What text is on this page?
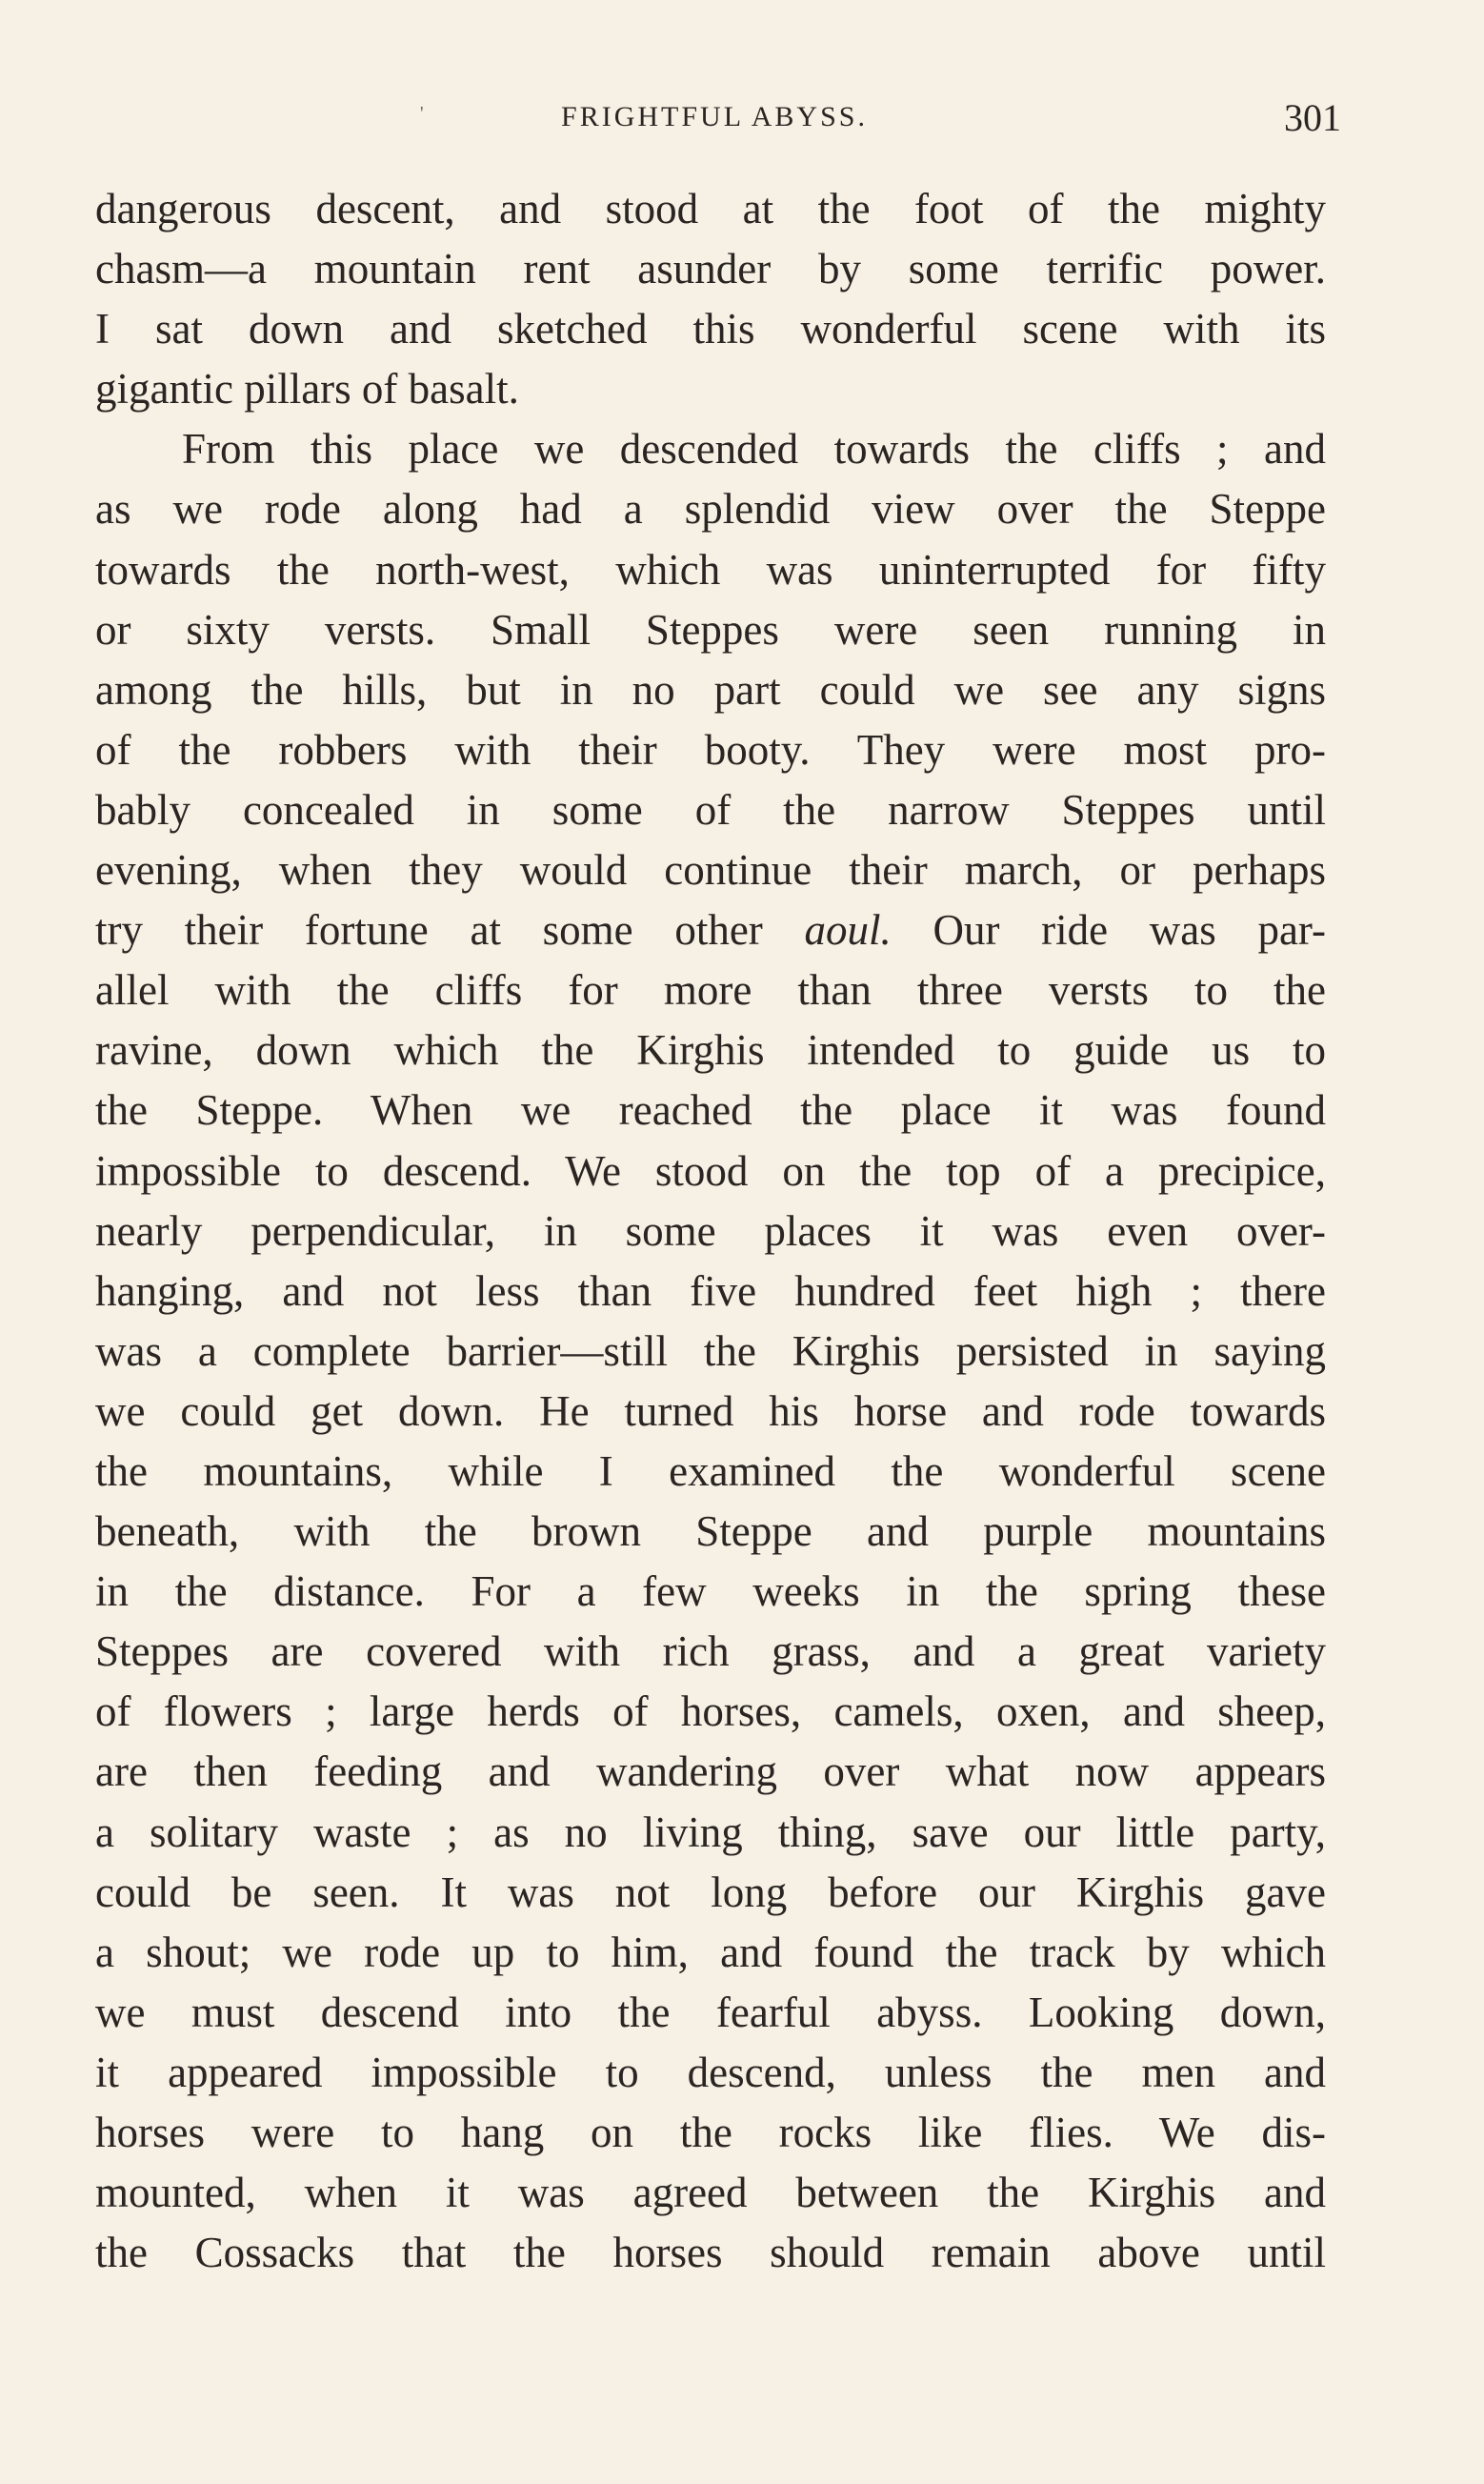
'	FRIGHTFUL ABYSS.	301
dangerous descent, and stood at the foot of the mighty
chasm—a mountain rent asunder by some terrific power.
I sat down and sketched this wonderful scene with its
gigantic pillars of basalt.
From this place we descended towards the cliffs ; and
as we rode along had a splendid view over the Steppe
towards the north-west, which was uninterrupted for fifty
or sixty versts. Small Steppes were seen running in
among the hills, but in no part could we see any signs
of the robbers with their booty. They were most pro-
bably concealed in some of the narrow Steppes until
evening, when they would continue their march, or perhaps
try their fortune at some other aoul. Our ride was par-
allel with the cliffs for more than three versts to the
ravine, down which the Kirghis intended to guide us to
the Steppe. When we reached the place it was found
impossible to descend. We stood on the top of a precipice,
nearly perpendicular, in some places it was even over-
hanging, and not less than five hundred feet high ; there
was a complete barrier—still the Kirghis persisted in saying
we could get down. He turned his horse and rode towards
the mountains, while I examined the wonderful scene
beneath, with the brown Steppe and purple mountains
in the distance. For a few weeks in the spring these
Steppes are covered with rich grass, and a great variety
of flowers ; large herds of horses, camels, oxen, and sheep,
are then feeding and wandering over what now appears
a solitary waste ; as no living thing, save our little party,
could be seen. It was not long before our Kirghis gave
a shout; we rode up to him, and found the track by which
we must descend into the fearful abyss. Looking down,
it appeared impossible to descend, unless the men and
horses were to hang on the rocks like flies. We dis-
mounted, when it was agreed between the Kirghis and
the Cossacks that the horses should remain above until
